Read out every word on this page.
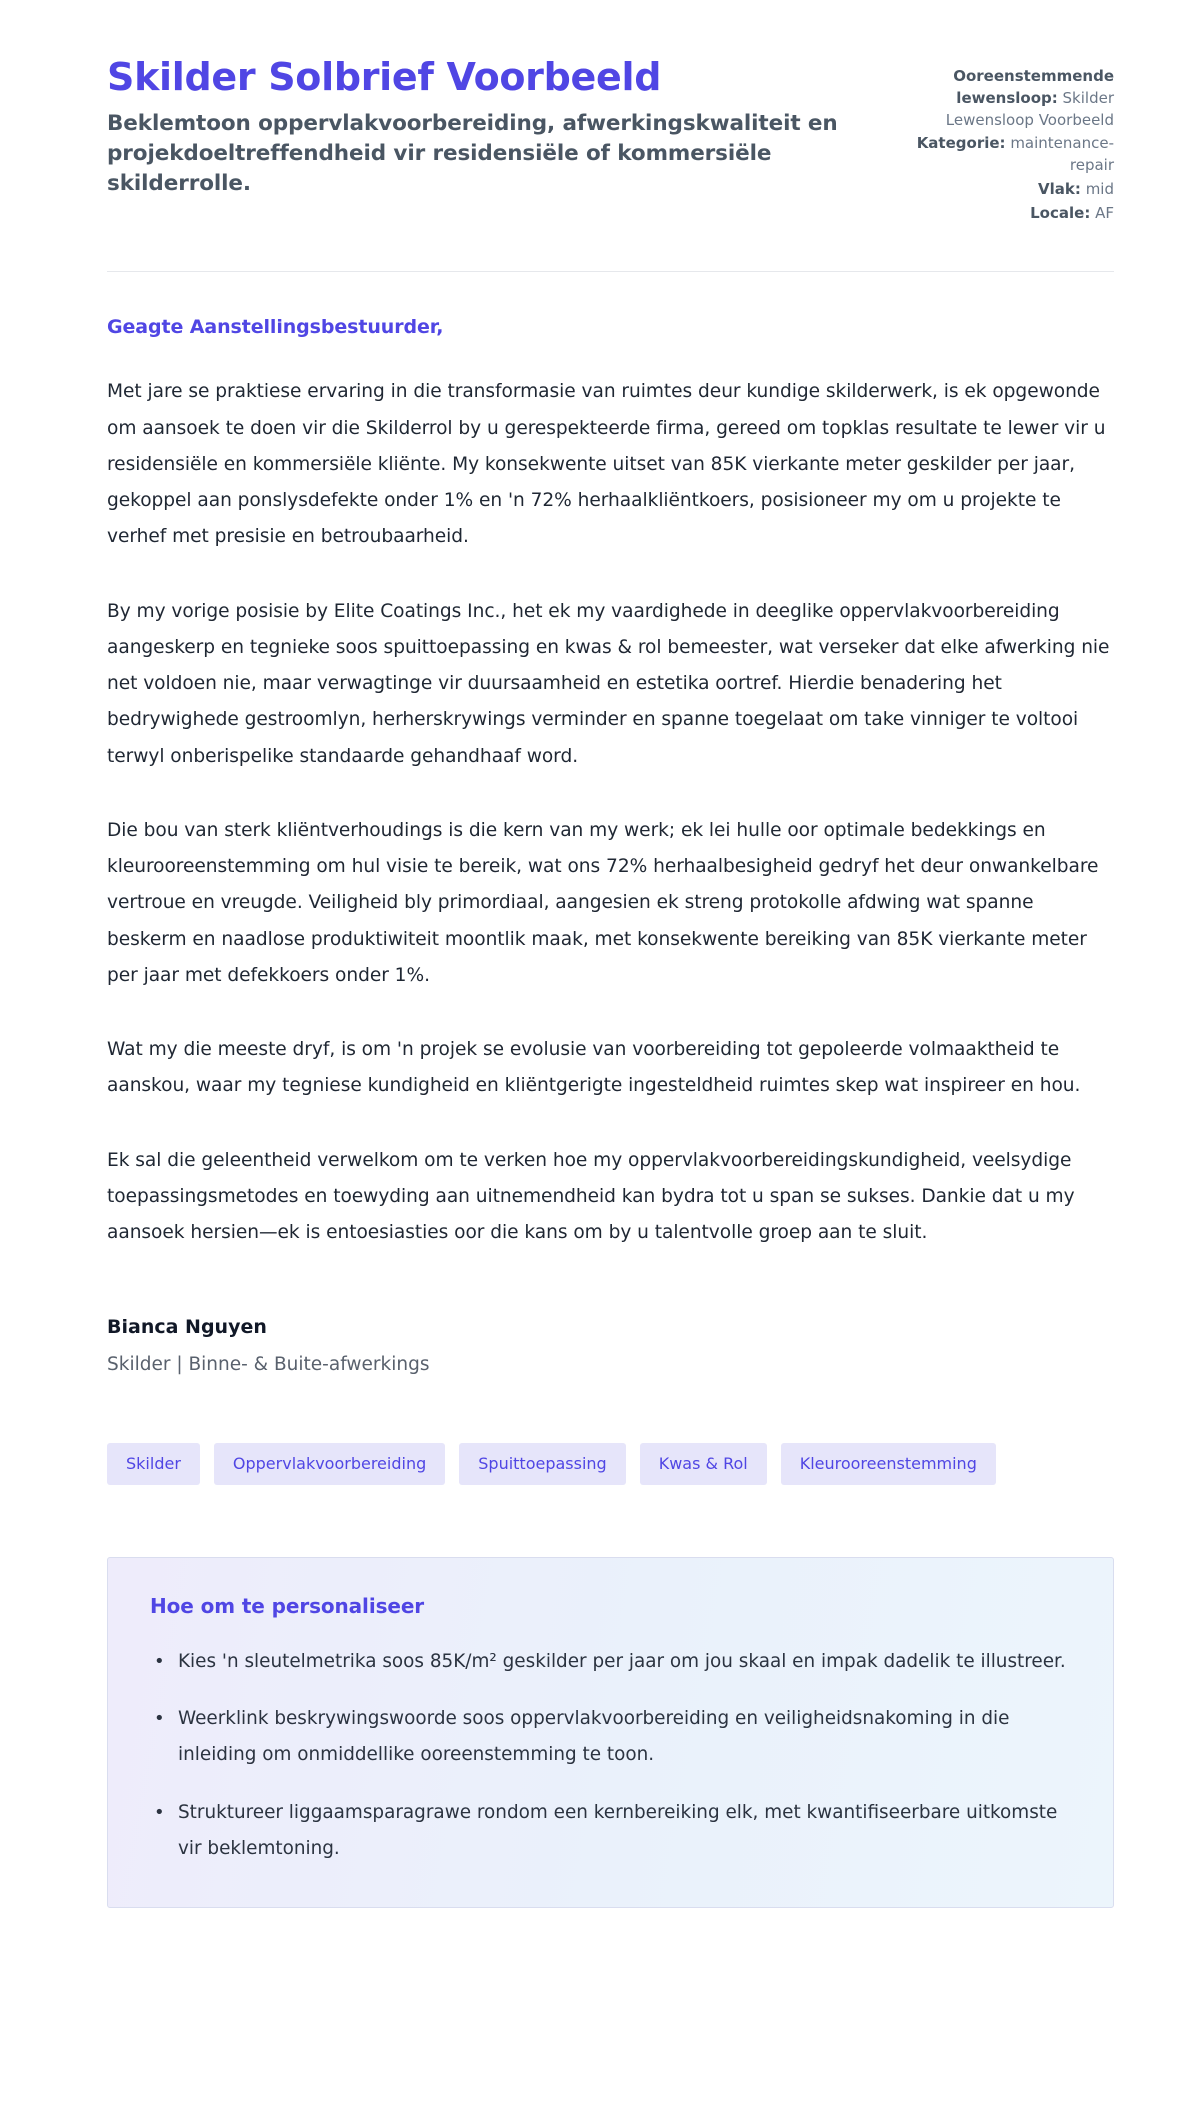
Skilder Solbrief Voorbeeld

Beklemtoon oppervlakvoorbereiding, afwerkingskwaliteit en projekdoeltreffendheid vir residensiële of kommersiële skilderrolle.

Ooreenstemmende lewensloop: Skilder Lewensloop Voorbeeld
Kategorie: maintenance-repair
Vlak: mid
Locale: AF

Geagte Aanstellingsbestuurder,

Met jare se praktiese ervaring in die transformasie van ruimtes deur kundige skilderwerk, is ek opgewonde om aansoek te doen vir die Skilderrol by u gerespekteerde firma, gereed om topklas resultate te lewer vir u residensiële en kommersiële kliënte. My konsekwente uitset van 85K vierkante meter geskilder per jaar, gekoppel aan ponslysdefekte onder 1% en 'n 72% herhaalkliëntkoers, posisioneer my om u projekte te verhef met presisie en betroubaarheid.

By my vorige posisie by Elite Coatings Inc., het ek my vaardighede in deeglike oppervlakvoorbereiding aangeskerp en tegnieke soos spuittoepassing en kwas & rol bemeester, wat verseker dat elke afwerking nie net voldoen nie, maar verwagtinge vir duursaamheid en estetika oortref. Hierdie benadering het bedrywighede gestroomlyn, herherskrywings verminder en spanne toegelaat om take vinniger te voltooi terwyl onberispelike standaarde gehandhaaf word.

Die bou van sterk kliëntverhoudings is die kern van my werk; ek lei hulle oor optimale bedekkings en kleurooreenstemming om hul visie te bereik, wat ons 72% herhaalbesigheid gedryf het deur onwankelbare vertroue en vreugde. Veiligheid bly primordiaal, aangesien ek streng protokolle afdwing wat spanne beskerm en naadlose produktiwiteit moontlik maak, met konsekwente bereiking van 85K vierkante meter per jaar met defekkoers onder 1%.

Wat my die meeste dryf, is om 'n projek se evolusie van voorbereiding tot gepoleerde volmaaktheid te aanskou, waar my tegniese kundigheid en kliëntgerigte ingesteldheid ruimtes skep wat inspireer en hou.

Ek sal die geleentheid verwelkom om te verken hoe my oppervlakvoorbereidingskundigheid, veelsydige toepassingsmetodes en toewyding aan uitnemendheid kan bydra tot u span se sukses. Dankie dat u my aansoek hersien—ek is entoesiasties oor die kans om by u talentvolle groep aan te sluit.

Bianca Nguyen

Skilder | Binne- & Buite-afwerkings

Skilder	Oppervlakvoorbereiding	Spuittoepassing	Kwas & Rol	Kleurooreenstemming
Hoe om te personaliseer
• Kies 'n sleutelmetrika soos 85K/m² geskilder per jaar om jou skaal en impak dadelik te illustreer.
• Weerklink beskrywingswoorde soos oppervlakvoorbereiding en veiligheidsnakoming in die inleiding om onmiddellike ooreenstemming te toon.
• Struktureer liggaamsparagrawe rondom een kernbereiking elk, met kwantifiseerbare uitkomste vir beklemtoning.
